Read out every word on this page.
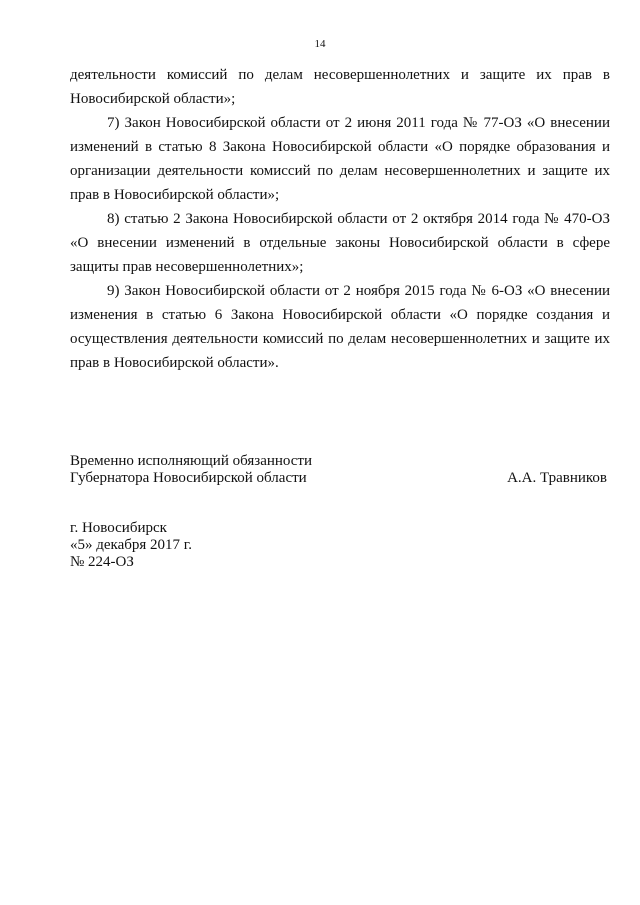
14

деятельности комиссий по делам несовершеннолетних и защите их прав в Новосибирской области»;

7) Закон Новосибирской области от 2 июня 2011 года № 77-ОЗ «О внесении изменений в статью 8 Закона Новосибирской области «О порядке образования и организации деятельности комиссий по делам несовершеннолетних и защите их прав в Новосибирской области»;

8) статью 2 Закона Новосибирской области от 2 октября 2014 года № 470-ОЗ «О внесении изменений в отдельные законы Новосибирской области в сфере защиты прав несовершеннолетних»;

9) Закон Новосибирской области от 2 ноября 2015 года № 6-ОЗ «О внесении изменения в статью 6 Закона Новосибирской области «О порядке создания и осуществления деятельности комиссий по делам несовершеннолетних и защите их прав в Новосибирской области».

Временно исполняющий обязанности
Губернатора Новосибирской области	А.А. Травников
г. Новосибирск
«5» декабря 2017 г.
№ 224-ОЗ
